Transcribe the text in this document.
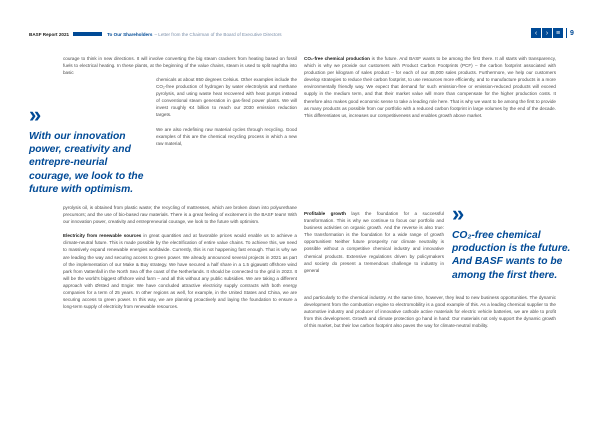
BASF Report 2021	To Our Shareholders – Letter from the Chairman of the Board of Executive Directors	‹ › ≡ 9

courage to think in new directions. It will involve converting the big steam crackers from heating based on fossil fuels to electrical heating. In these plants, at the beginning of the value chains, steam is used to split naphtha into basic

»
With our innovation power, creativity and entrepre-neurial courage, we look to the future with optimism.

chemicals at about 850 degrees Celsius. Other examples include the CO₂-free production of hydrogen by water electrolysis and methane pyrolysis, and using waste heat recovered with heat pumps instead of conventional steam generation in gas-fired power plants. We will invest roughly €4 billion to reach our 2030 emission reduction targets.

We are also redefining raw material cycles through recycling. Good examples of this are the chemical recycling process in which a new raw material,

pyrolysis oil, is obtained from plastic waste; the recycling of mattresses, which are broken down into polyurethane precursors; and the use of bio-based raw materials. There is a great feeling of excitement in the BASF team! With our innovation power, creativity and entrepreneurial courage, we look to the future with optimism.

Electricity from renewable sources in great quantities and at favorable prices would enable us to achieve a climate-neutral future. This is made possible by the electrification of entire value chains. To achieve this, we need to massively expand renewable energies worldwide. Currently, this is not happening fast enough. That is why we are leading the way and securing access to green power. We already announced several projects in 2021 as part of the implementation of our Make & Buy strategy. We have secured a half share in a 1.5 gigawatt offshore wind park from Vattenfall in the North Sea off the coast of the Netherlands. It should be connected to the grid in 2023. It will be the world's biggest offshore wind farm – and all this without any public subsidies. We are taking a different approach with Ørsted and Engie: We have concluded attractive electricity supply contracts with both energy companies for a term of 25 years. In other regions as well, for example, in the United States and China, we are securing access to green power. In this way, we are planning proactively and laying the foundation to ensure a long-term supply of electricity from renewable resources.

CO₂-free chemical production is the future. And BASF wants to be among the first there. It all starts with transparency, which is why we provide our customers with Product Carbon Footprints (PCF) – the carbon footprint associated with production per kilogram of sales product – for each of our 45,000 sales products. Furthermore, we help our customers develop strategies to reduce their carbon footprint, to use resources more efficiently, and to manufacture products in a more environmentally friendly way. We expect that demand for such emission-free or emission-reduced products will exceed supply in the medium term, and that their market value will more than compensate for the higher production costs. It therefore also makes good economic sense to take a leading role here. That is why we want to be among the first to provide as many products as possible from our portfolio with a reduced carbon footprint in large volumes by the end of the decade. This differentiates us, increases our competitiveness and enables growth above market.

Profitable growth lays the foundation for a successful transformation. This is why we continue to focus our portfolio and business activities on organic growth. And the reverse is also true: The transformation is the foundation for a wide range of growth opportunities! Neither future prosperity nor climate neutrality is possible without a competitive chemical industry and innovative chemical products. Extensive regulations driven by policymakers and society do present a tremendous challenge to industry in general

»
CO₂-free chemical production is the future. And BASF wants to be among the first there.

and particularly to the chemical industry. At the same time, however, they lead to new business opportunities. The dynamic development from the combustion engine to electromobility is a good example of this. As a leading chemical supplier to the automotive industry and producer of innovative cathode active materials for electric vehicle batteries, we are able to profit from this development. Growth and climate protection go hand in hand: Our materials not only support the dynamic growth of this market, but their low carbon footprint also paves the way for climate-neutral mobility.
